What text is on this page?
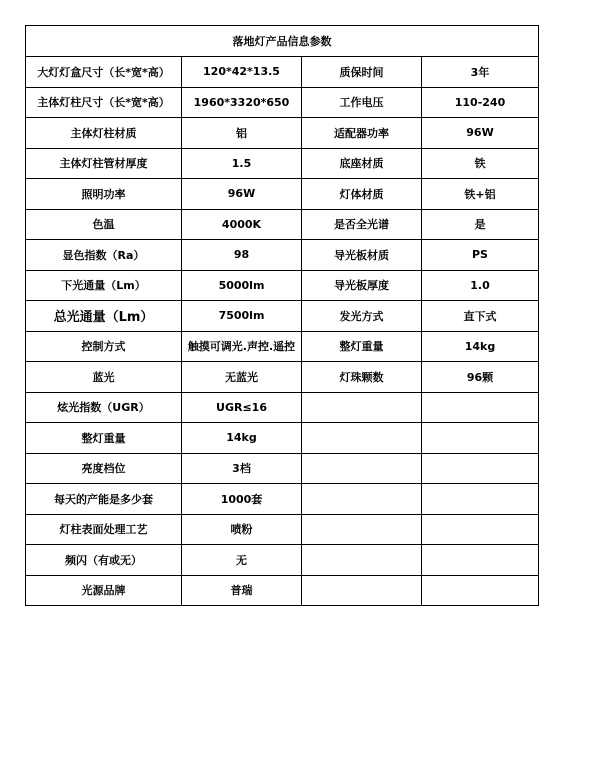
落地灯产品信息参数			
大灯灯盒尺寸（长*宽*高）	120*42*13.5	质保时间	3年
主体灯柱尺寸（长*宽*高）	1960*3320*650	工作电压	110-240
主体灯柱材质	铝	适配器功率	96W
主体灯柱管材厚度	1.5	底座材质	铁
照明功率	96W	灯体材质	铁+铝
色温	4000K	是否全光谱	是
显色指数（Ra）	98	导光板材质	PS
下光通量（Lm）	5000lm	导光板厚度	1.0
总光通量（Lm）	7500lm	发光方式	直下式
控制方式	触摸可调光.声控.遥控	整灯重量	14kg
蓝光	无蓝光	灯珠颗数	96颗
炫光指数（UGR）	UGR≤16		
整灯重量	14kg		
亮度档位	3档		
每天的产能是多少套	1000套		
灯柱表面处理工艺	喷粉		
频闪（有或无）	无		
光源品牌	普瑞		
